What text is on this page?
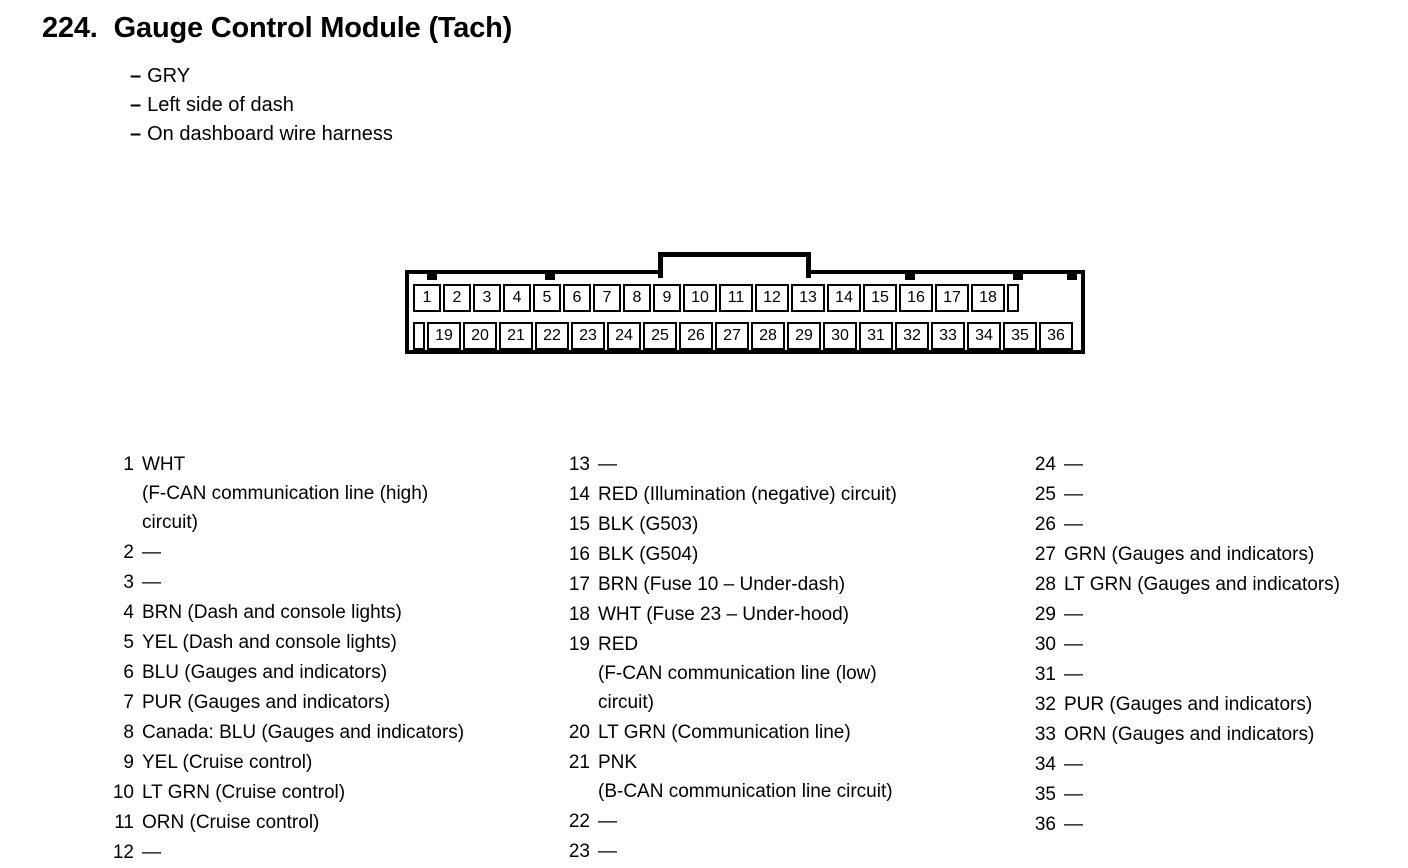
224. Gauge Control Module (Tach)
– GRY
– Left side of dash
– On dashboard wire harness
1	2	3	4	5	6	7	8	9	10	11	12	13	14	15	16	17	18
19	20	21	22	23	24	25	26	27	28	29	30	31	32	33	34	35	36
1 WHT
(F-CAN communication line (high)
circuit)
2 —
3 —
4 BRN (Dash and console lights)
5 YEL (Dash and console lights)
6 BLU (Gauges and indicators)
7 PUR (Gauges and indicators)
8 Canada: BLU (Gauges and indicators)
9 YEL (Cruise control)
10 LT GRN (Cruise control)
11 ORN (Cruise control)
12 —
13 —
14 RED (Illumination (negative) circuit)
15 BLK (G503)
16 BLK (G504)
17 BRN (Fuse 10 – Under-dash)
18 WHT (Fuse 23 – Under-hood)
19 RED
(F-CAN communication line (low)
circuit)
20 LT GRN (Communication line)
21 PNK
(B-CAN communication line circuit)
22 —
23 —
24 —
25 —
26 —
27 GRN (Gauges and indicators)
28 LT GRN (Gauges and indicators)
29 —
30 —
31 —
32 PUR (Gauges and indicators)
33 ORN (Gauges and indicators)
34 —
35 —
36 —
